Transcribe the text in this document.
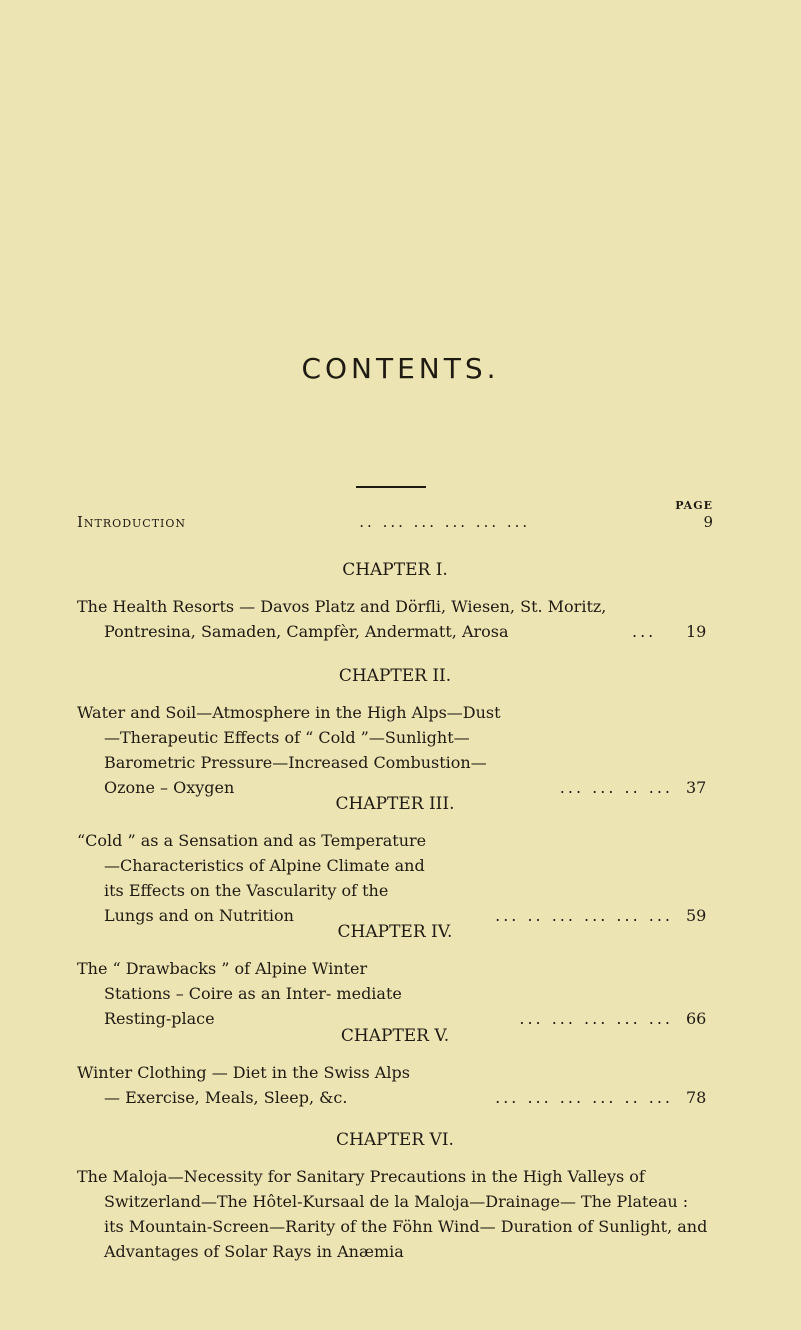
CONTENTS.
PAGE
Introduction	.. ... ... ... ... ...	9
CHAPTER I.
The Health Resorts — Davos Platz and Dörfli, Wiesen, St. Moritz, Pontresina, Samaden, Campfèr, Andermatt, Arosa	... 19
CHAPTER II.
Water and Soil—Atmosphere in the High Alps—Dust—Therapeutic Effects of “ Cold ”—Sunlight—Barometric Pressure—Increased Combustion—Ozone – Oxygen	... ... .. ... 37
CHAPTER III.
“Cold ” as a Sensation and as Temperature—Characteristics of Alpine Climate and its Effects on the Vascularity of the Lungs and on Nutrition	... .. ... ... ... ... 59
CHAPTER IV.
The “ Drawbacks ” of Alpine Winter Stations – Coire as an Inter- mediate Resting-place	... ... ... ... ... 66
CHAPTER V.
Winter Clothing — Diet in the Swiss Alps — Exercise, Meals, Sleep, &c.	... ... ... ... .. ... 78
CHAPTER VI.
The Maloja—Necessity for Sanitary Precautions in the High Valleys of Switzerland—The Hôtel-Kursaal de la Maloja—Drainage— The Plateau : its Mountain-Screen—Rarity of the Föhn Wind— Duration of Sunlight, and Advantages of Solar Rays in Anæmia
